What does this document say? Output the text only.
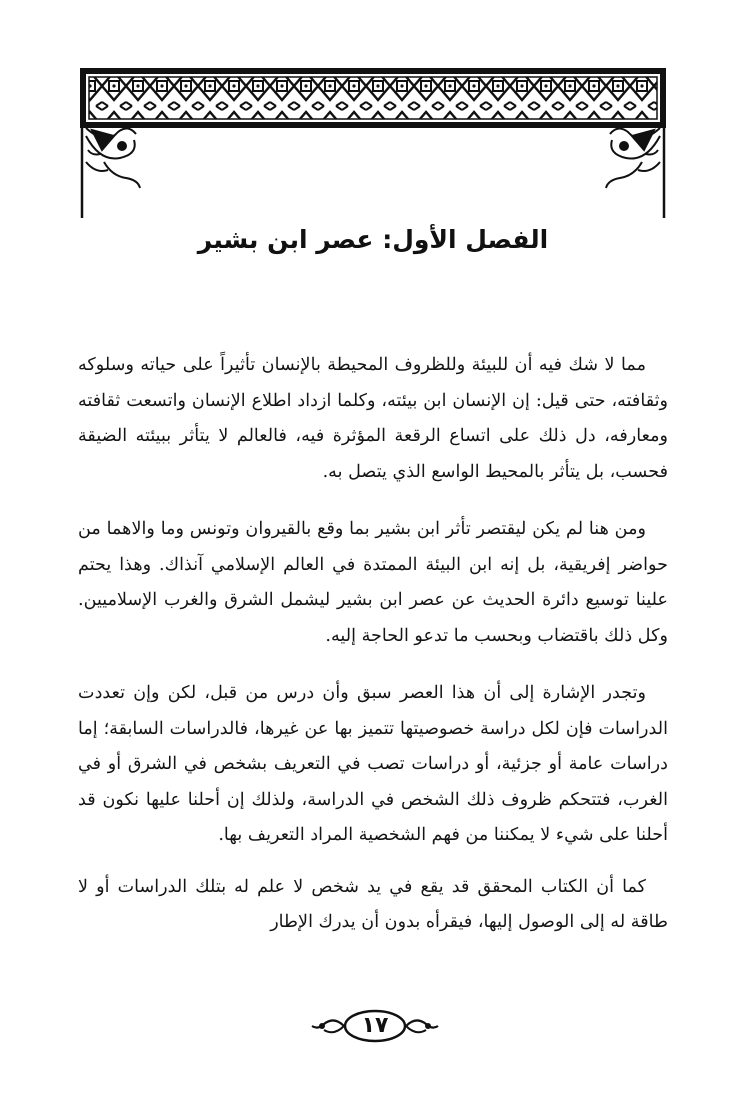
الفصل الأول: عصر ابن بشير

مما لا شك فيه أن للبيئة وللظروف المحيطة بالإنسان تأثيراً على حياته وسلوكه وثقافته، حتى قيل: إن الإنسان ابن بيئته، وكلما ازداد اطلاع الإنسان واتسعت ثقافته ومعارفه، دل ذلك على اتساع الرقعة المؤثرة فيه، فالعالم لا يتأثر ببيئته الضيقة فحسب، بل يتأثر بالمحيط الواسع الذي يتصل به.

ومن هنا لم يكن ليقتصر تأثر ابن بشير بما وقع بالقيروان وتونس وما والاهما من حواضر إفريقية، بل إنه ابن البيئة الممتدة في العالم الإسلامي آنذاك. وهذا يحتم علينا توسيع دائرة الحديث عن عصر ابن بشير ليشمل الشرق والغرب الإسلاميين. وكل ذلك باقتضاب وبحسب ما تدعو الحاجة إليه.

وتجدر الإشارة إلى أن هذا العصر سبق وأن درس من قبل، لكن وإن تعددت الدراسات فإن لكل دراسة خصوصيتها تتميز بها عن غيرها، فالدراسات السابقة؛ إما دراسات عامة أو جزئية، أو دراسات تصب في التعريف بشخص في الشرق أو في الغرب، فتتحكم ظروف ذلك الشخص في الدراسة، ولذلك إن أحلنا عليها نكون قد أحلنا على شيء لا يمكننا من فهم الشخصية المراد التعريف بها.

كما أن الكتاب المحقق قد يقع في يد شخص لا علم له بتلك الدراسات أو لا طاقة له إلى الوصول إليها، فيقرأه بدون أن يدرك الإطار

١٧
